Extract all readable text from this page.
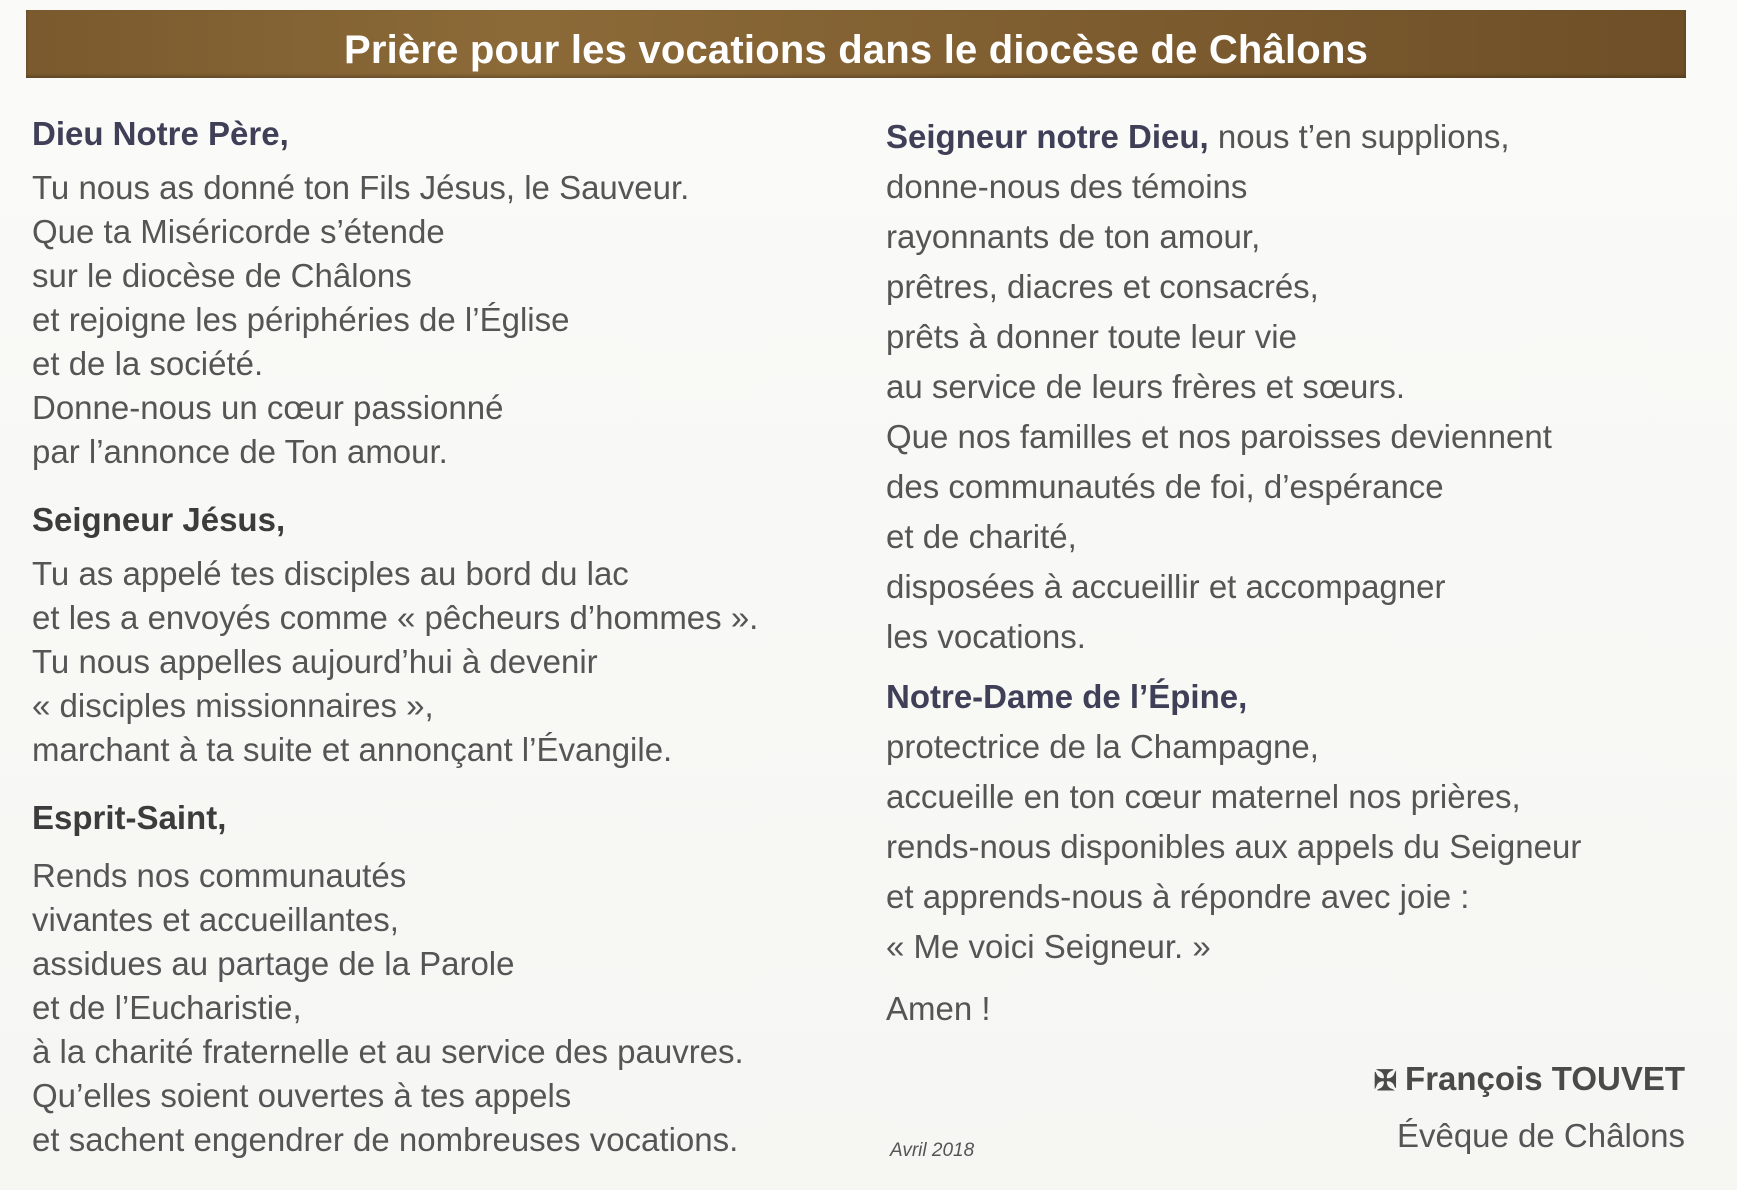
Prière pour les vocations dans le diocèse de Châlons

Dieu Notre Père,

Tu nous as donné ton Fils Jésus, le Sauveur.

Que ta Miséricorde s’étende

sur le diocèse de Châlons

et rejoigne les périphéries de l’Église

et de la société.

Donne-nous un cœur passionné

par l’annonce de Ton amour.

Seigneur Jésus,

Tu as appelé tes disciples au bord du lac

et les a envoyés comme « pêcheurs d’hommes ».

Tu nous appelles aujourd’hui à devenir

« disciples missionnaires »,

marchant à ta suite et annonçant l’Évangile.

Esprit-Saint,

Rends nos communautés

vivantes et accueillantes,

assidues au partage de la Parole

et de l’Eucharistie,

à la charité fraternelle et au service des pauvres.

Qu’elles soient ouvertes à tes appels

et sachent engendrer de nombreuses vocations.

Seigneur notre Dieu, nous t’en supplions,

donne-nous des témoins

rayonnants de ton amour,

prêtres, diacres et consacrés,

prêts à donner toute leur vie

au service de leurs frères et sœurs.

Que nos familles et nos paroisses deviennent

des communautés de foi, d’espérance

et de charité,

disposées à accueillir et accompagner

les vocations.

Notre-Dame de l’Épine,

protectrice de la Champagne,

accueille en ton cœur maternel nos prières,

rends-nous disponibles aux appels du Seigneur

et apprends-nous à répondre avec joie :

« Me voici Seigneur. »

Amen !

✠ François TOUVET
Évêque de Châlons
Avril 2018
